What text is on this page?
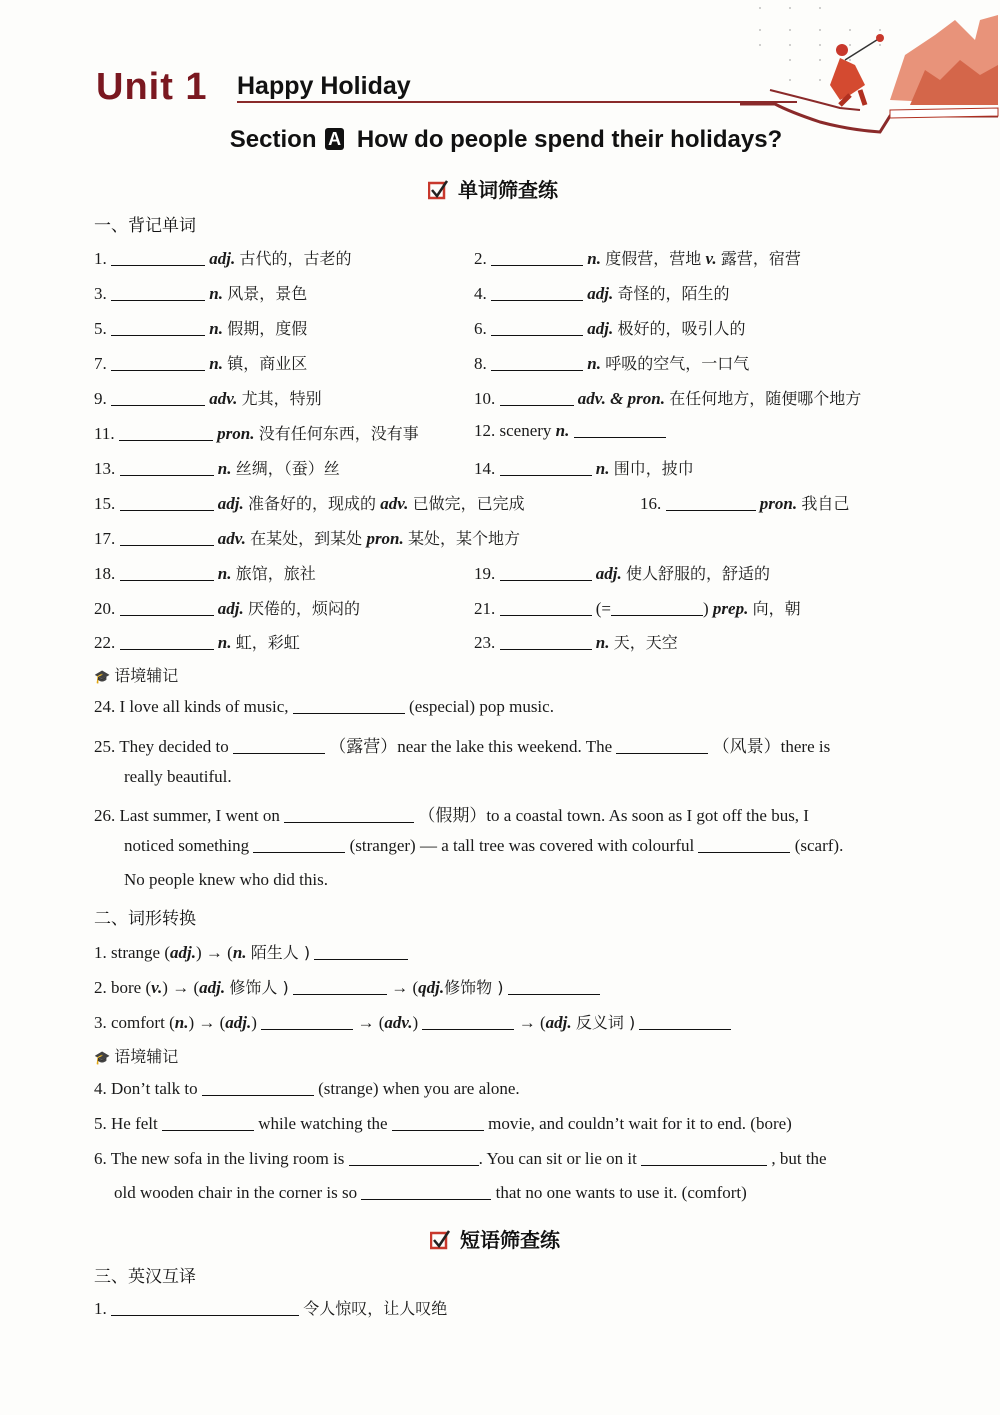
Unit 1 Happy Holiday
Section A How do people spend their holidays?
单词筛查练
一、背记单词
1.	adj. 古代的，古老的	2.	n. 度假营，营地 v. 露营，宿营
3.	n. 风景，景色	4.	adj. 奇怪的，陌生的
5.	n. 假期，度假	6.	adj. 极好的，吸引人的
7.	n. 镇，商业区	8.	n. 呼吸的空气，一口气
9.	adv. 尤其，特别	10.	adv. & pron. 在任何地方，随便哪个地方
11.	pron. 没有任何东西，没有事	12. scenery n.
13.	n. 丝绸，（蚕）丝	14.	n. 围巾，披巾
15.	adj. 准备好的，现成的 adv. 已做完，已完成	16.	pron. 我自己
17.	adv. 在某处，到某处 pron. 某处，某个地方
18.	n. 旅馆，旅社	19.	adj. 使人舒服的，舒适的
20.	adj. 厌倦的，烦闷的	21.	(=	) prep. 向，朝
22.	n. 虹，彩虹	23.	n. 天，天空
🎓 语境辅记
24. I love all kinds of music,	(especial) pop music.
25. They decided to	（露营）near the lake this weekend. The	（风景）there is
really beautiful.
26. Last summer, I went on	（假期）to a coastal town. As soon as I got off the bus, I
noticed something	(stranger) — a tall tree was covered with colourful	(scarf).
No people knew who did this.
二、词形转换
1. strange (adj.) → (n. 陌生人 )
2. bore (v.) → (adj. 修饰人 )	→ (qdj.修饰物 )
3. comfort (n.) → (adj.)	→ (adv.)	→ (adj. 反义词 )
🎓 语境辅记
4. Don’t talk to	(strange) when you are alone.
5. He felt	while watching the	movie, and couldn’t wait for it to end. (bore)
6. The new sofa in the living room is	. You can sit or lie on it	, but the
old wooden chair in the corner is so	that no one wants to use it. (comfort)
短语筛查练
三、英汉互译
1.	令人惊叹，让人叹绝
